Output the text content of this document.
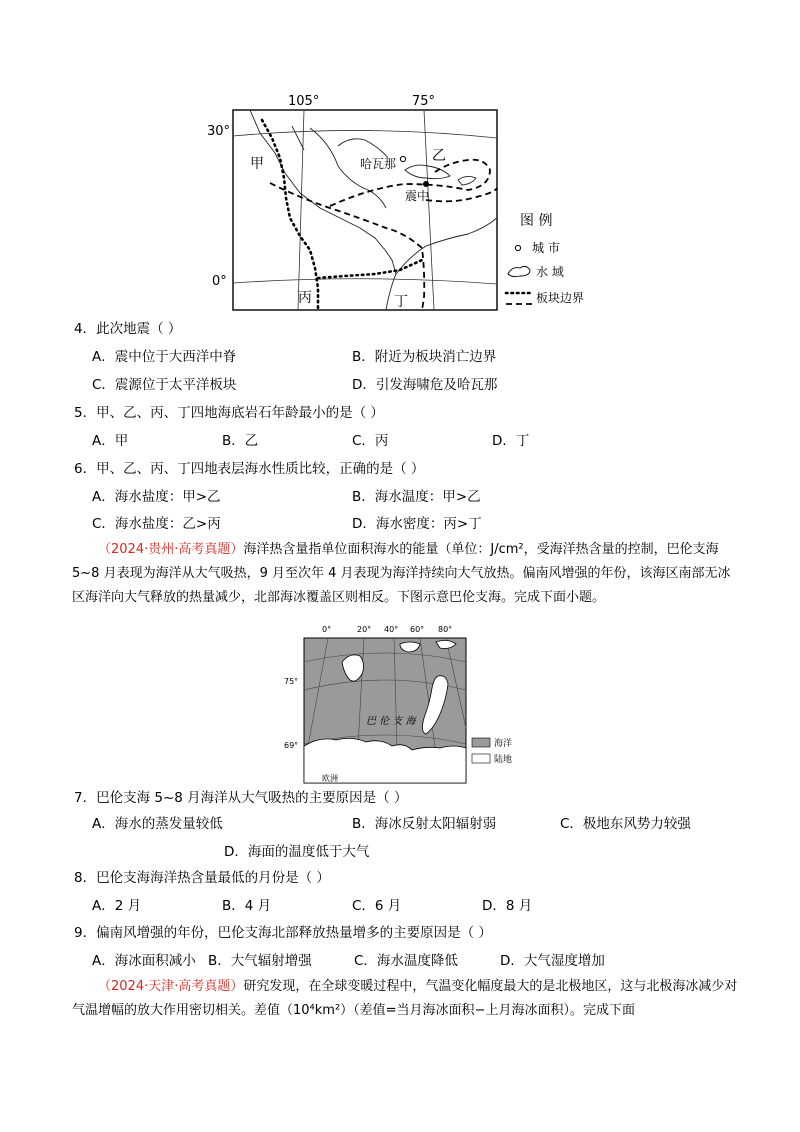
105°	75°
30°
0°
甲	乙
丙	丁
哈瓦那
震中
图 例
城 市
水 域
板块边界
4．此次地震（ ）
A．震中位于大西洋中脊	B．附近为板块消亡边界
C．震源位于太平洋板块	D．引发海啸危及哈瓦那
5．甲、乙、丙、丁四地海底岩石年龄最小的是（ ）
A．甲	B．乙	C．丙	D．丁
6．甲、乙、丙、丁四地表层海水性质比较，正确的是（ ）
A．海水盐度：甲>乙	B．海水温度：甲>乙
C．海水盐度：乙>丙	D．海水密度：丙>丁
（2024·贵州·高考真题）海洋热含量指单位面积海水的能量（单位：J/cm²，受海洋热含量的控制，巴伦支海 5~8 月表现为海洋从大气吸热，9 月至次年 4 月表现为海洋持续向大气放热。偏南风增强的年份，该海区南部无冰区海洋向大气释放的热量减少，北部海冰覆盖区则相反。下图示意巴伦支海。完成下面小题。
0°	20° 40° 60° 80°
75°
69°
巴 伦 支 海
欧洲
海洋
陆地
7．巴伦支海 5~8 月海洋从大气吸热的主要原因是（ ）
A．海水的蒸发量较低	B．海冰反射太阳辐射弱	C．极地东风势力较强
D．海面的温度低于大气
8．巴伦支海海洋热含量最低的月份是（ ）
A．2 月	B．4 月	C．6 月	D．8 月
9．偏南风增强的年份，巴伦支海北部释放热量增多的主要原因是（ ）
A．海冰面积减小 B．大气辐射增强	C．海水温度降低	D．大气湿度增加
（2024·天津·高考真题）研究发现，在全球变暖过程中，气温变化幅度最大的是北极地区，这与北极海冰减少对气温增幅的放大作用密切相关。差值（10⁴km²）（差值=当月海冰面积−上月海冰面积）。完成下面
